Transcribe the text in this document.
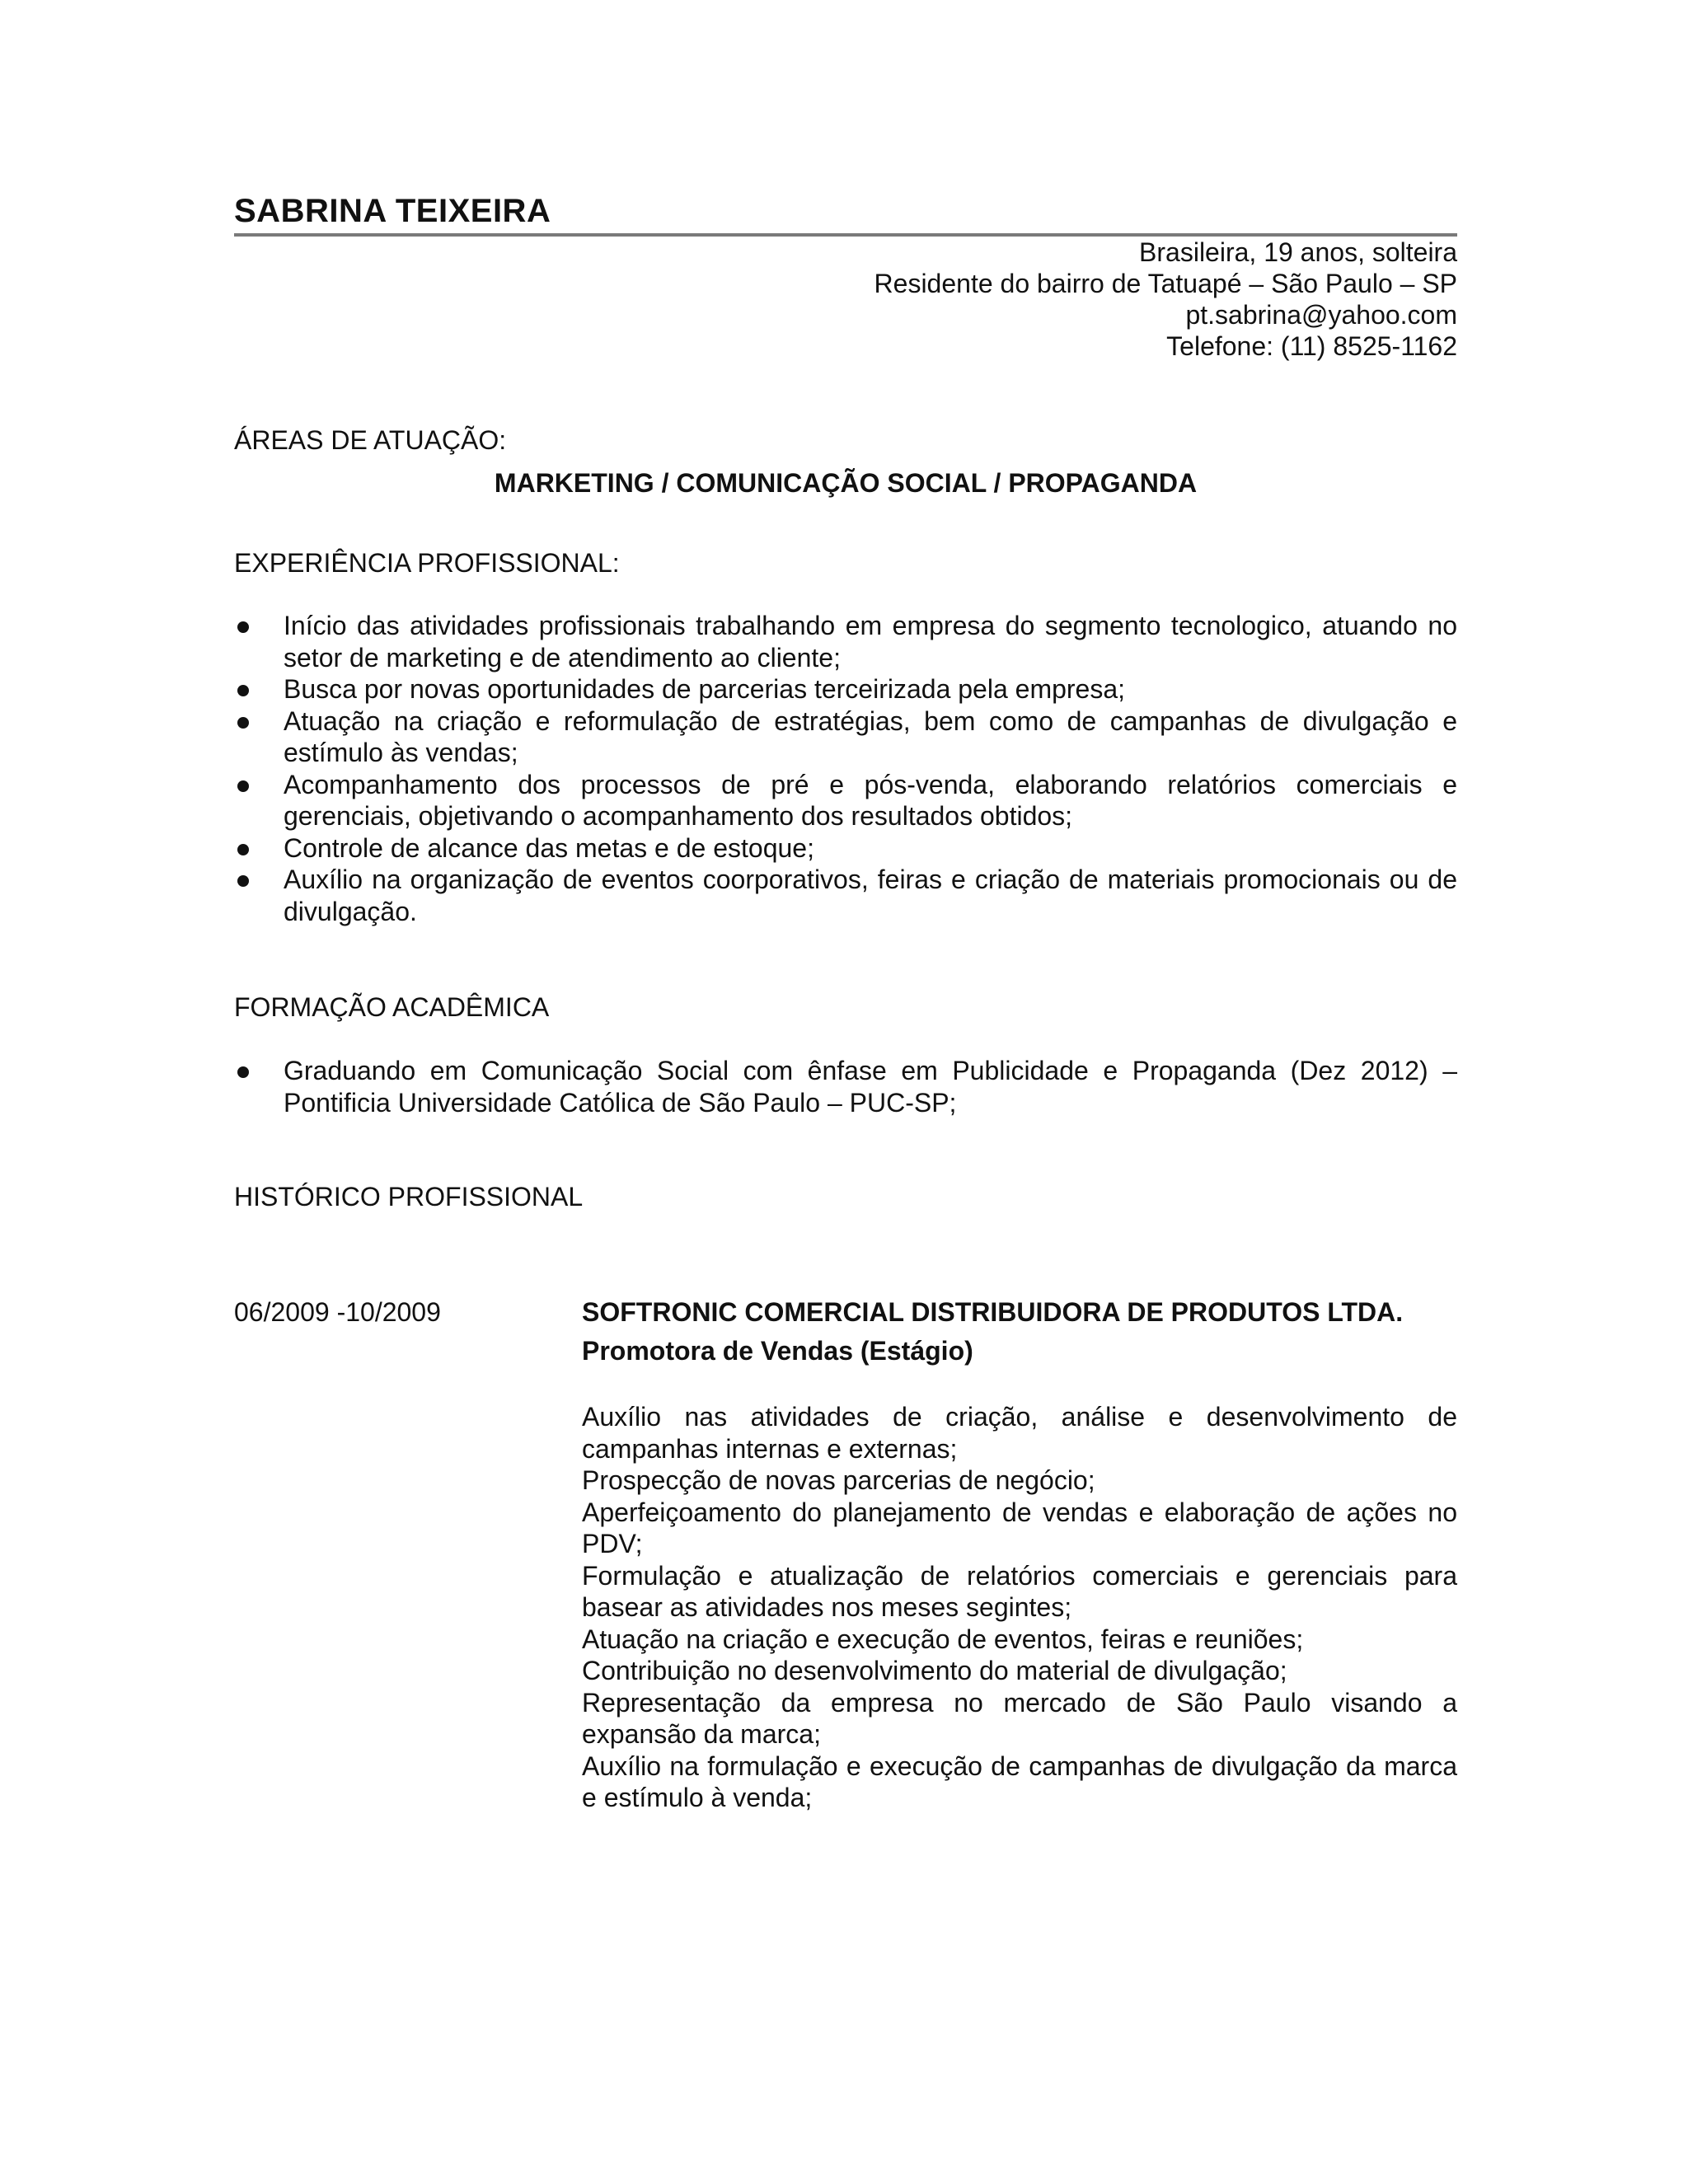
SABRINA TEIXEIRA
Brasileira, 19 anos, solteira
Residente do bairro de Tatuapé – São Paulo – SP
pt.sabrina@yahoo.com
Telefone: (11) 8525-1162
ÁREAS DE ATUAÇÃO:
MARKETING / COMUNICAÇÃO SOCIAL / PROPAGANDA
EXPERIÊNCIA PROFISSIONAL:
Início das atividades profissionais trabalhando em empresa do segmento tecnologico, atuando no setor de marketing e de atendimento ao cliente;
Busca por novas oportunidades de parcerias terceirizada pela empresa;
Atuação na criação e reformulação de estratégias, bem como de campanhas de divulgação e estímulo às vendas;
Acompanhamento dos processos de pré e pós-venda, elaborando relatórios comerciais e gerenciais, objetivando o acompanhamento dos resultados obtidos;
Controle de alcance das metas e de estoque;
Auxílio na organização de eventos coorporativos, feiras e criação de materiais promocionais ou de divulgação.
FORMAÇÃO ACADÊMICA
Graduando em Comunicação Social com ênfase em Publicidade e Propaganda (Dez 2012) – Pontificia Universidade Católica de São Paulo – PUC-SP;
HISTÓRICO PROFISSIONAL
06/2009 -10/2009	SOFTRONIC COMERCIAL DISTRIBUIDORA DE PRODUTOS LTDA.
Promotora de Vendas (Estágio)
Auxílio nas atividades de criação, análise e desenvolvimento de campanhas internas e externas;
Prospecção de novas parcerias de negócio;
Aperfeiçoamento do planejamento de vendas e elaboração de ações no PDV;
Formulação e atualização de relatórios comerciais e gerenciais para basear as atividades nos meses segintes;
Atuação na criação e execução de eventos, feiras e reuniões;
Contribuição no desenvolvimento do material de divulgação;
Representação da empresa no mercado de São Paulo visando a expansão da marca;
Auxílio na formulação e execução de campanhas de divulgação da marca e estímulo à venda;
